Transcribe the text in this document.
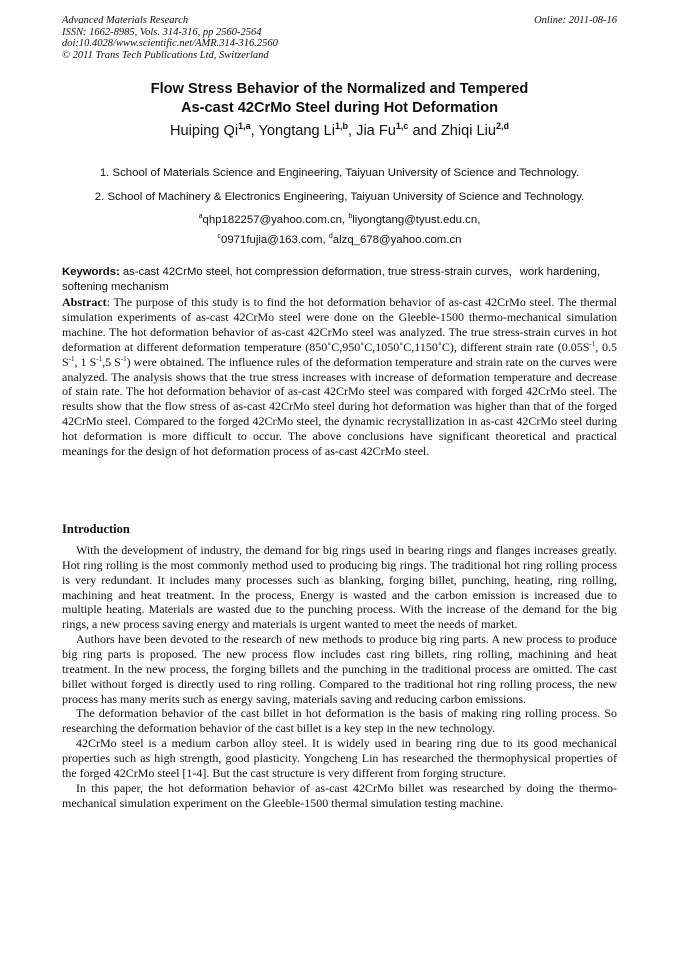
Advanced Materials Research
ISSN: 1662-8985, Vols. 314-316, pp 2560-2564
doi:10.4028/www.scientific.net/AMR.314-316.2560
© 2011 Trans Tech Publications Ltd, Switzerland
Online: 2011-08-16
Flow Stress Behavior of the Normalized and Tempered
As-cast 42CrMo Steel during Hot Deformation
Huiping Qi$^{1,a}$, Yongtang Li$^{1,b}$, Jia Fu$^{1,c}$ and Zhiqi Liu$^{2,d}$
1. School of Materials Science and Engineering, Taiyuan University of Science and Technology.
2. School of Machinery & Electronics Engineering, Taiyuan University of Science and Technology.
$^a$qhp182257@yahoo.com.cn, $^b$liyongtang@tyust.edu.cn,
$^c$0971fujia@163.com, $^d$alzq_678@yahoo.com.cn
Keywords: as-cast 42CrMo steel, hot compression deformation, true stress-strain curves，work hardening, softening mechanism
Abstract: The purpose of this study is to find the hot deformation behavior of as-cast 42CrMo steel. The thermal simulation experiments of as-cast 42CrMo steel were done on the Gleeble-1500 thermo-mechanical simulation machine. The hot deformation behavior of as-cast 42CrMo steel was analyzed. The true stress-strain curves in hot deformation at different deformation temperature (850˚C,950˚C,1050˚C,1150˚C), different strain rate ($0.05S^{-1}$, 0.5 $S^{-1}$, 1 $S^{-1},5$ $S^{-1}$) were obtained. The influence rules of the deformation temperature and strain rate on the curves were analyzed. The analysis shows that the true stress increases with increase of deformation temperature and decrease of stain rate. The hot deformation behavior of as-cast 42CrMo steel was compared with forged 42CrMo steel. The results show that the flow stress of as-cast 42CrMo steel during hot deformation was higher than that of the forged 42CrMo steel. Compared to the forged 42CrMo steel, the dynamic recrystallization in as-cast 42CrMo steel during hot deformation is more difficult to occur. The above conclusions have significant theoretical and practical meanings for the design of hot deformation process of as-cast 42CrMo steel.
Introduction

With the development of industry, the demand for big rings used in bearing rings and flanges increases greatly. Hot ring rolling is the most commonly method used to producing big rings. The traditional hot ring rolling process is very redundant. It includes many processes such as blanking, forging billet, punching, heating, ring rolling, machining and heat treatment. In the process, Energy is wasted and the carbon emission is increased due to multiple heating. Materials are wasted due to the punching process. With the increase of the demand for the big rings, a new process saving energy and materials is urgent wanted to meet the needs of market.

Authors have been devoted to the research of new methods to produce big ring parts. A new process to produce big ring parts is proposed. The new process flow includes cast ring billets, ring rolling, machining and heat treatment. In the new process, the forging billets and the punching in the traditional process are omitted. The cast billet without forged is directly used to ring rolling. Compared to the traditional hot ring rolling process, the new process has many merits such as energy saving, materials saving and reducing carbon emissions.

The deformation behavior of the cast billet in hot deformation is the basis of making ring rolling process. So researching the deformation behavior of the cast billet is a key step in the new technology.

42CrMo steel is a medium carbon alloy steel. It is widely used in bearing ring due to its good mechanical properties such as high strength, good plasticity. Yongcheng Lin has researched the thermophysical properties of the forged 42CrMo steel [1-4]. But the cast structure is very different from forging structure.

In this paper, the hot deformation behavior of as-cast 42CrMo billet was researched by doing the thermo-mechanical simulation experiment on the Gleeble-1500 thermal simulation testing machine.
